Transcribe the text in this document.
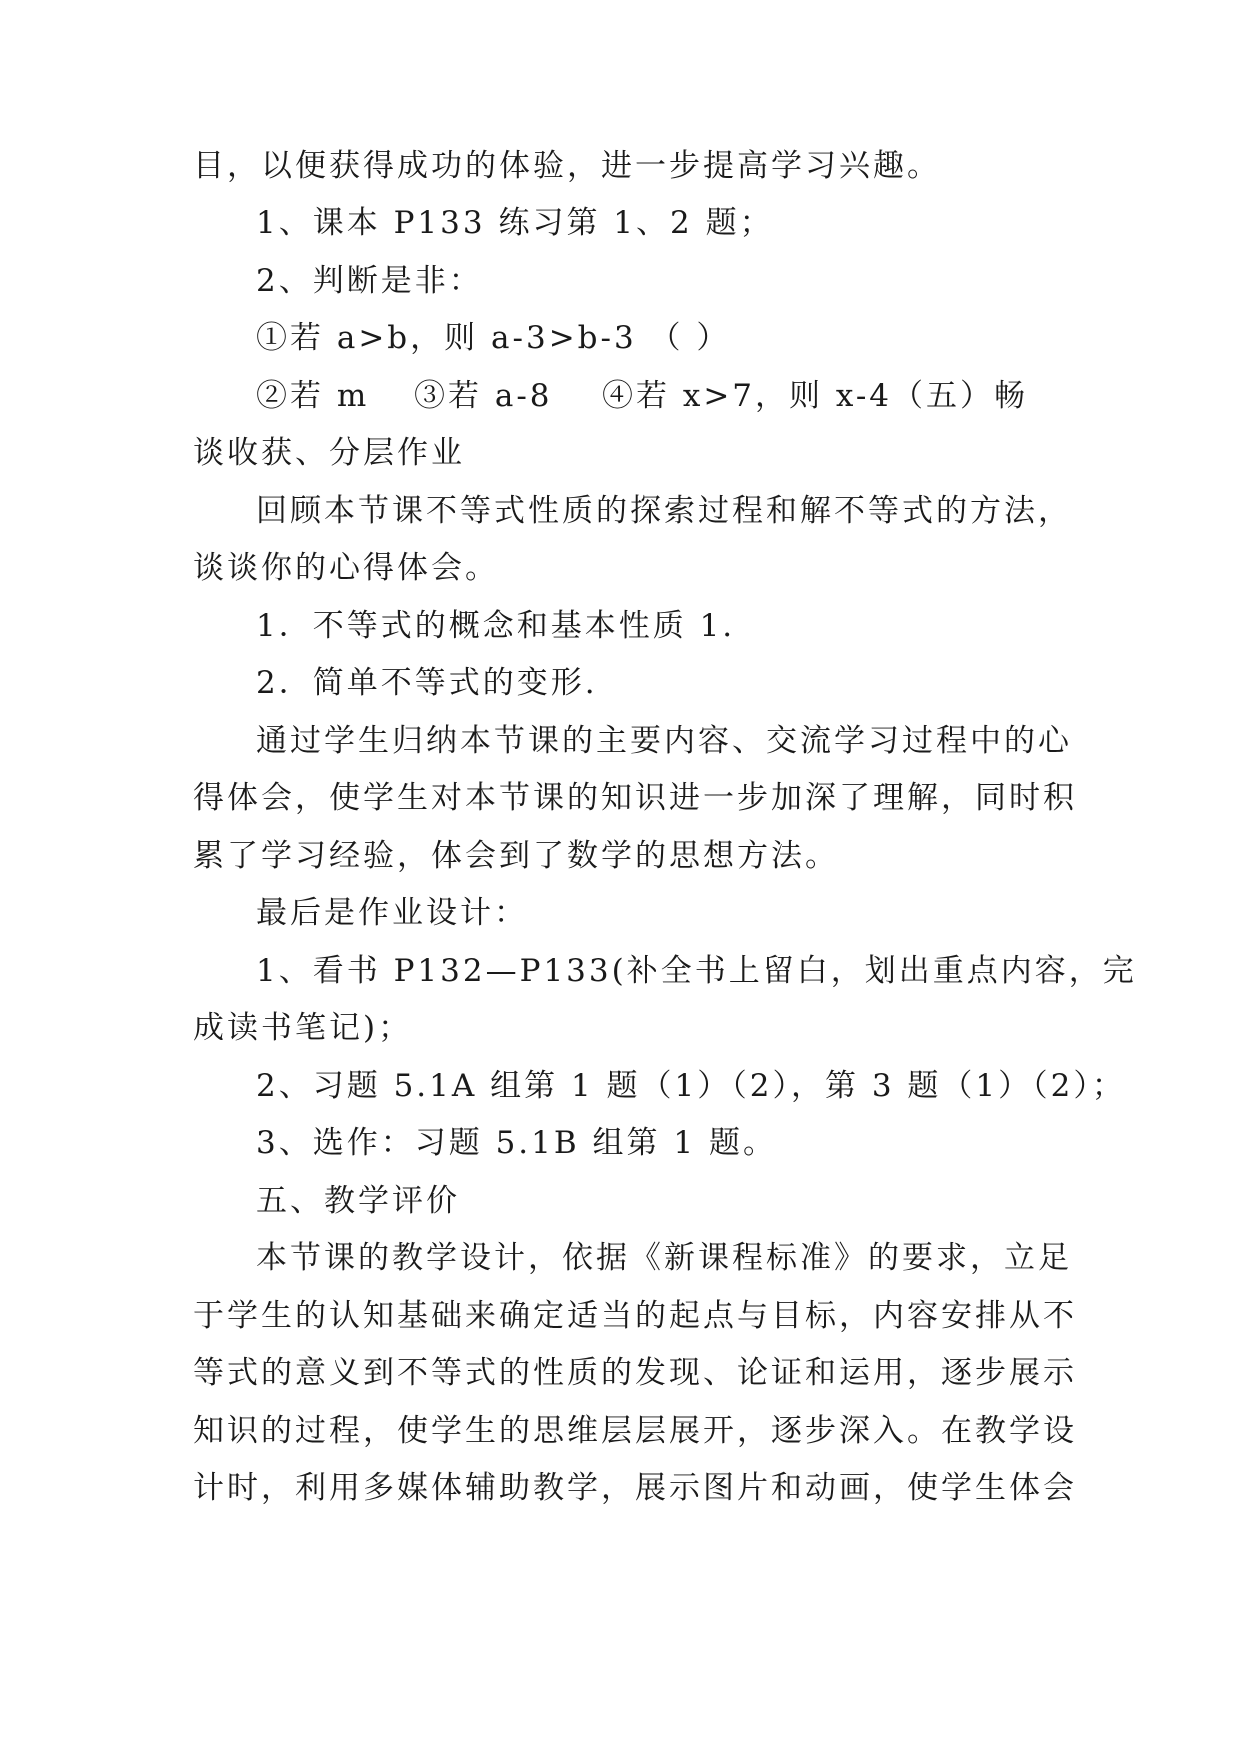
目，以便获得成功的体验，进一步提高学习兴趣。
1、课本 P133 练习第 1、2 题；
2、判断是非：
①若 a>b，则 a-3>b-3 （ ）
②若 m ③若 a-8 ④若 x>7，则 x-4 （五）畅
谈收获、分层作业
回顾本节课不等式性质的探索过程和解不等式的方法，
谈谈你的心得体会。
1．不等式的概念和基本性质 1.
2．简单不等式的变形.
通过学生归纳本节课的主要内容、交流学习过程中的心
得体会，使学生对本节课的知识进一步加深了理解，同时积
累了学习经验，体会到了数学的思想方法。
最后是作业设计：
1、看书 P132—P133(补全书上留白，划出重点内容，完
成读书笔记)；
2、习题 5.1A 组第 1 题（1）（2），第 3 题（1）（2）；
3、选作：习题 5.1B 组第 1 题。
五、教学评价
本节课的教学设计，依据《新课程标准》的要求，立足
于学生的认知基础来确定适当的起点与目标，内容安排从不
等式的意义到不等式的性质的发现、论证和运用，逐步展示
知识的过程，使学生的思维层层展开，逐步深入。在教学设
计时，利用多媒体辅助教学，展示图片和动画，使学生体会
